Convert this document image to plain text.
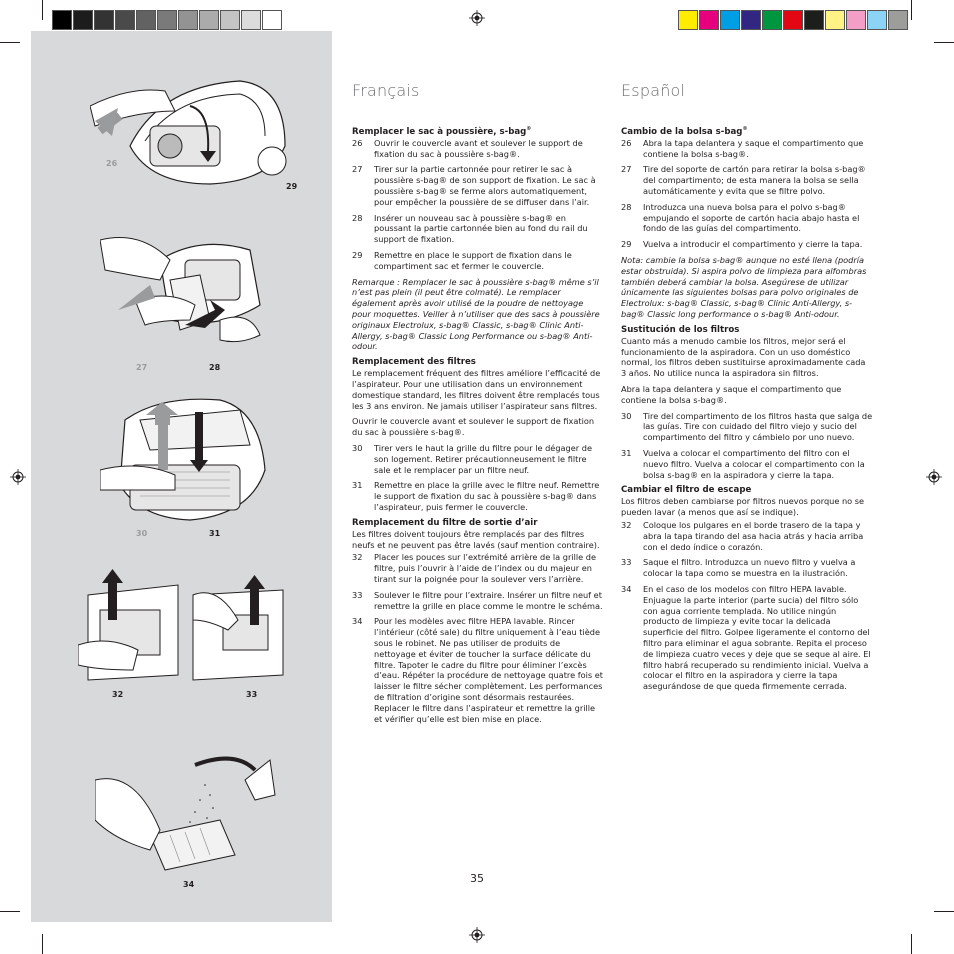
26
29
27	28
30	31
32	33
34
Français
Remplacer le sac à poussière, s-bag®
26	Ouvrir le couvercle avant et soulever le support de fixation du sac à poussière s-bag®.
27	Tirer sur la partie cartonnée pour retirer le sac à poussière s-bag® de son support de fixation. Le sac à poussière s-bag® se ferme alors automatiquement, pour empêcher la poussière de se diffuser dans l’air.
28	Insérer un nouveau sac à poussière s-bag® en poussant la partie cartonnée bien au fond du rail du support de fixation.
29	Remettre en place le support de fixation dans le compartiment sac et fermer le couvercle.

Remarque : Remplacer le sac à poussière s-bag® même s’il n’est pas plein (il peut être colmaté). Le remplacer également après avoir utilisé de la poudre de nettoyage pour moquettes. Veiller à n’utiliser que des sacs à poussière originaux Electrolux, s-bag® Classic, s-bag® Clinic Anti-Allergy, s-bag® Classic Long Performance ou s-bag® Anti-odour.

Remplacement des filtres

Le remplacement fréquent des filtres améliore l’efficacité de l’aspirateur. Pour une utilisation dans un environnement domestique standard, les filtres doivent être remplacés tous les 3 ans environ. Ne jamais utiliser l’aspirateur sans filtres.

Ouvrir le couvercle avant et soulever le support de fixation du sac à poussière s-bag®.

30	Tirer vers le haut la grille du filtre pour le dégager de son logement. Retirer précautionneusement le filtre sale et le remplacer par un filtre neuf.
31	Remettre en place la grille avec le filtre neuf. Remettre le support de fixation du sac à poussière s-bag® dans l’aspirateur, puis fermer le couvercle.
Remplacement du filtre de sortie d’air

Les filtres doivent toujours être remplacés par des filtres neufs et ne peuvent pas être lavés (sauf mention contraire).

32	Placer les pouces sur l’extrémité arrière de la grille de filtre, puis l’ouvrir à l’aide de l’index ou du majeur en tirant sur la poignée pour la soulever vers l’arrière.
33	Soulever le filtre pour l’extraire. Insérer un filtre neuf et remettre la grille en place comme le montre le schéma.
34	Pour les modèles avec filtre HEPA lavable. Rincer l’intérieur (côté sale) du filtre uniquement à l’eau tiède sous le robinet. Ne pas utiliser de produits de nettoyage et éviter de toucher la surface délicate du filtre. Tapoter le cadre du filtre pour éliminer l’excès d’eau. Répéter la procédure de nettoyage quatre fois et laisser le filtre sécher complètement. Les performances de filtration d’origine sont désormais restaurées. Replacer le filtre dans l’aspirateur et remettre la grille et vérifier qu’elle est bien mise en place.
Español
Cambio de la bolsa s-bag®
26	Abra la tapa delantera y saque el compartimento que contiene la bolsa s-bag®.
27	Tire del soporte de cartón para retirar la bolsa s-bag® del compartimento; de esta manera la bolsa se sella automáticamente y evita que se filtre polvo.
28	Introduzca una nueva bolsa para el polvo s-bag® empujando el soporte de cartón hacia abajo hasta el fondo de las guías del compartimento.
29	Vuelva a introducir el compartimento y cierre la tapa.

Nota: cambie la bolsa s-bag® aunque no esté llena (podría estar obstruida). Si aspira polvo de limpieza para alfombras también deberá cambiar la bolsa. Asegúrese de utilizar únicamente las siguientes bolsas para polvo originales de Electrolux: s-bag® Classic, s-bag® Clinic Anti-Allergy, s-bag® Classic long performance o s-bag® Anti-odour.

Sustitución de los filtros

Cuanto más a menudo cambie los filtros, mejor será el funcionamiento de la aspiradora. Con un uso doméstico normal, los filtros deben sustituirse aproximadamente cada 3 años. No utilice nunca la aspiradora sin filtros.

Abra la tapa delantera y saque el compartimento que contiene la bolsa s-bag®.

30	Tire del compartimento de los filtros hasta que salga de las guías. Tire con cuidado del filtro viejo y sucio del compartimento del filtro y cámbielo por uno nuevo.
31	Vuelva a colocar el compartimento del filtro con el nuevo filtro. Vuelva a colocar el compartimento con la bolsa s-bag® en la aspiradora y cierre la tapa.
Cambiar el filtro de escape

Los filtros deben cambiarse por filtros nuevos porque no se pueden lavar (a menos que así se indique).

32	Coloque los pulgares en el borde trasero de la tapa y abra la tapa tirando del asa hacia atrás y hacia arriba con el dedo índice o corazón.
33	Saque el filtro. Introduzca un nuevo filtro y vuelva a colocar la tapa como se muestra en la ilustración.
34	En el caso de los modelos con filtro HEPA lavable. Enjuague la parte interior (parte sucia) del filtro sólo con agua corriente templada. No utilice ningún producto de limpieza y evite tocar la delicada superficie del filtro. Golpee ligeramente el contorno del filtro para eliminar el agua sobrante. Repita el proceso de limpieza cuatro veces y deje que se seque al aire. El filtro habrá recuperado su rendimiento inicial. Vuelva a colocar el filtro en la aspiradora y cierre la tapa asegurándose de que queda firmemente cerrada.
35
